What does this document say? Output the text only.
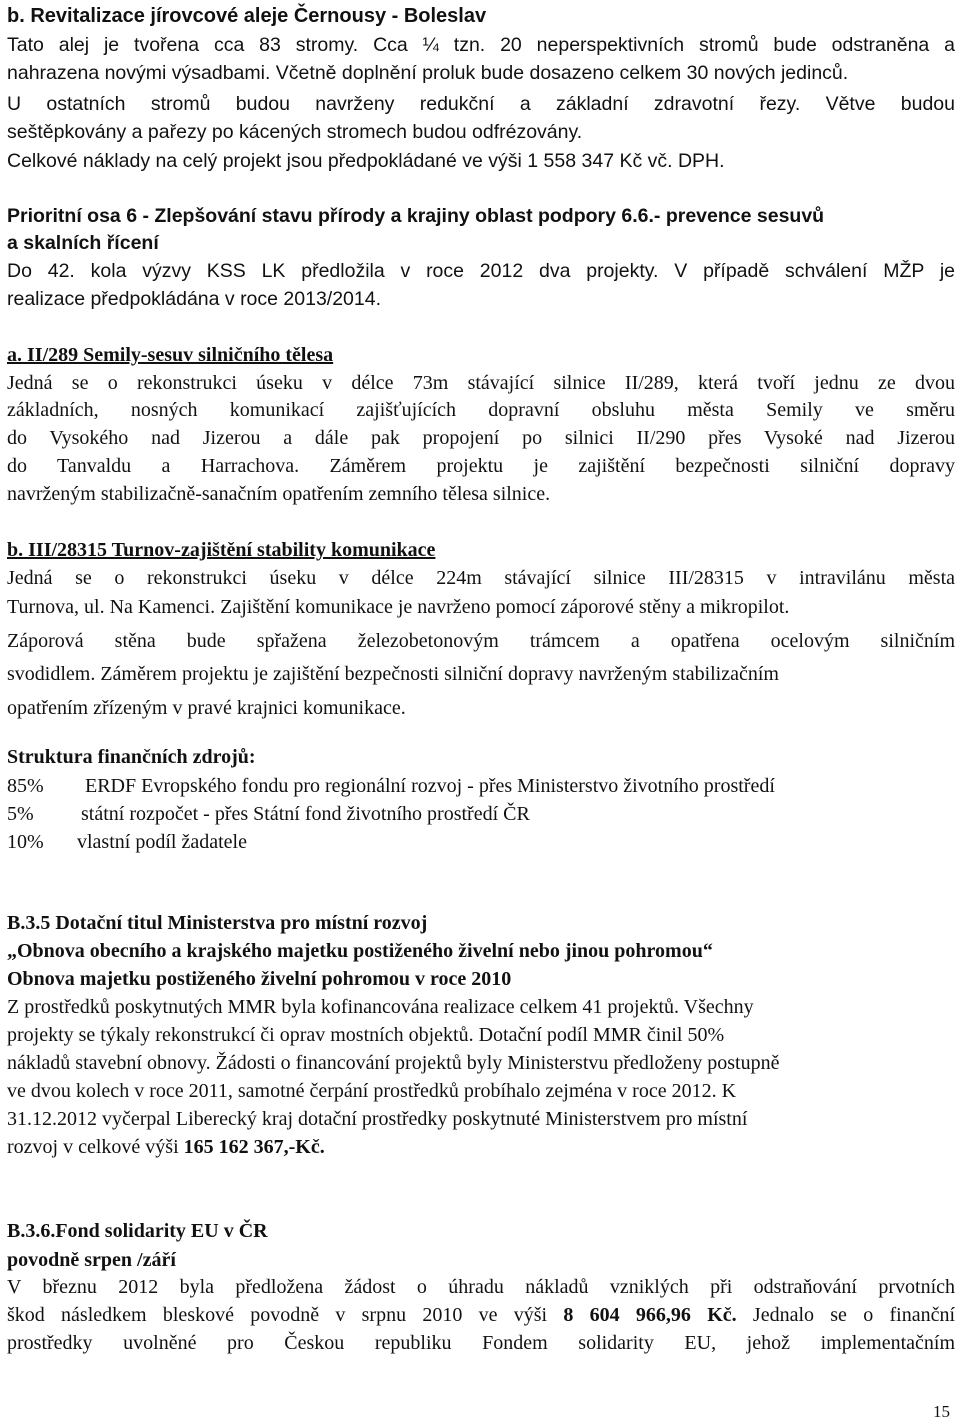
b. Revitalizace jírovcové aleje Černousy - Boleslav
Tato alej je tvořena cca 83 stromy. Cca ¼ tzn. 20 neperspektivních stromů bude odstraněna a
nahrazena novými výsadbami. Včetně doplnění proluk bude dosazeno celkem 30 nových jedinců.
U ostatních stromů budou navrženy redukční a základní zdravotní řezy. Větve budou
seštěpkovány a pařezy po kácených stromech budou odfrézovány.
Celkové náklady na celý projekt jsou předpokládané ve výši 1 558 347 Kč vč. DPH.
Prioritní osa 6 - Zlepšování stavu přírody a krajiny oblast podpory 6.6.- prevence sesuvů
a skalních řícení
Do 42. kola výzvy KSS LK předložila v roce 2012 dva projekty. V případě schválení MŽP je
realizace předpokládána v roce 2013/2014.
a. II/289 Semily-sesuv silničního tělesa
Jedná se o rekonstrukci úseku v délce 73m stávající silnice II/289, která tvoří jednu ze dvou
základních, nosných komunikací zajišťujících dopravní obsluhu města Semily ve směru
do Vysokého nad Jizerou a dále pak propojení po silnici II/290 přes Vysoké nad Jizerou
do Tanvaldu a Harrachova. Záměrem projektu je zajištění bezpečnosti silniční dopravy
navrženým stabilizačně-sanačním opatřením zemního tělesa silnice.
b. III/28315 Turnov-zajištění stability komunikace
Jedná se o rekonstrukci úseku v délce 224m stávající silnice III/28315 v intravilánu města
Turnova, ul. Na Kamenci. Zajištění komunikace je navrženo pomocí záporové stěny a mikropilot.
Záporová stěna bude spřažena železobetonovým trámcem a opatřena ocelovým silničním
svodidlem. Záměrem projektu je zajištění bezpečnosti silniční dopravy navrženým stabilizačním
opatřením zřízeným v pravé krajnici komunikace.
Struktura finančních zdrojů:
85% ERDF Evropského fondu pro regionální rozvoj - přes Ministerstvo životního prostředí
5% státní rozpočet - přes Státní fond životního prostředí ČR
10% vlastní podíl žadatele
B.3.5 Dotační titul Ministerstva pro místní rozvoj
„Obnova obecního a krajského majetku postiženého živelní nebo jinou pohromou“
Obnova majetku postiženého živelní pohromou v roce 2010
Z prostředků poskytnutých MMR byla kofinancována realizace celkem 41 projektů. Všechny
projekty se týkaly rekonstrukcí či oprav mostních objektů. Dotační podíl MMR činil 50%
nákladů stavební obnovy. Žádosti o financování projektů byly Ministerstvu předloženy postupně
ve dvou kolech v roce 2011, samotné čerpání prostředků probíhalo zejména v roce 2012. K
31.12.2012 vyčerpal Liberecký kraj dotační prostředky poskytnuté Ministerstvem pro místní
rozvoj v celkové výši 165 162 367,-Kč.
B.3.6.Fond solidarity EU v ČR
povodně srpen /září
V březnu 2012 byla předložena žádost o úhradu nákladů vzniklých při odstraňování prvotních
škod následkem bleskové povodně v srpnu 2010 ve výši 8 604 966,96 Kč. Jednalo se o finanční
prostředky uvolněné pro Českou republiku Fondem solidarity EU, jehož implementačním
15
